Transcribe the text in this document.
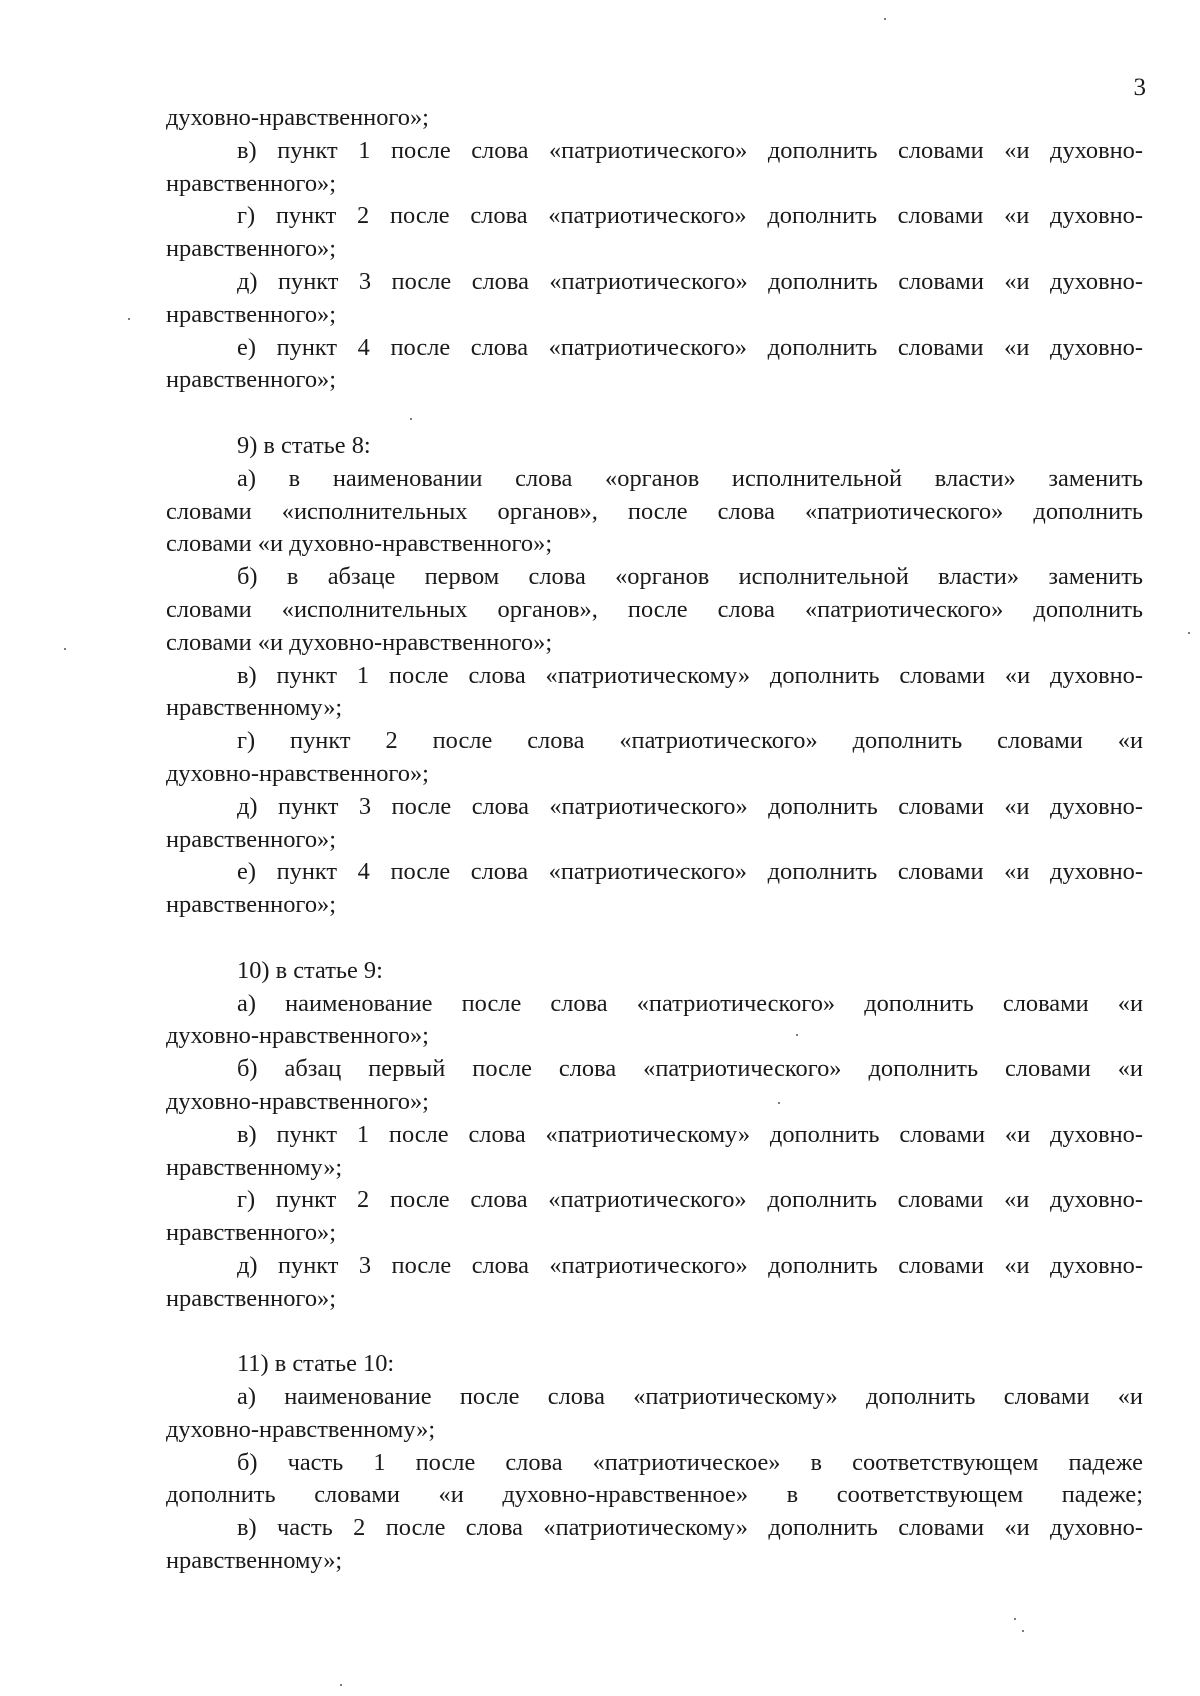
3
духовно-нравственного»;
в) пункт 1 после слова «патриотического» дополнить словами «и духовно-
нравственного»;
г) пункт 2 после слова «патриотического» дополнить словами «и духовно-
нравственного»;
д) пункт 3 после слова «патриотического» дополнить словами «и духовно-
нравственного»;
е) пункт 4 после слова «патриотического» дополнить словами «и духовно-
нравственного»;
9) в статье 8:
а) в наименовании слова «органов исполнительной власти» заменить
словами «исполнительных органов», после слова «патриотического» дополнить
словами «и духовно-нравственного»;
б) в абзаце первом слова «органов исполнительной власти» заменить
словами «исполнительных органов», после слова «патриотического» дополнить
словами «и духовно-нравственного»;
в) пункт 1 после слова «патриотическому» дополнить словами «и духовно-
нравственному»;
г) пункт 2 после слова «патриотического» дополнить словами «и
духовно-нравственного»;
д) пункт 3 после слова «патриотического» дополнить словами «и духовно-
нравственного»;
е) пункт 4 после слова «патриотического» дополнить словами «и духовно-
нравственного»;
10) в статье 9:
а) наименование после слова «патриотического» дополнить словами «и
духовно-нравственного»;
б) абзац первый после слова «патриотического» дополнить словами «и
духовно-нравственного»;
в) пункт 1 после слова «патриотическому» дополнить словами «и духовно-
нравственному»;
г) пункт 2 после слова «патриотического» дополнить словами «и духовно-
нравственного»;
д) пункт 3 после слова «патриотического» дополнить словами «и духовно-
нравственного»;
11) в статье 10:
а) наименование после слова «патриотическому» дополнить словами «и
духовно-нравственному»;
б) часть 1 после слова «патриотическое» в соответствующем падеже
дополнить словами «и духовно-нравственное» в соответствующем падеже;
в) часть 2 после слова «патриотическому» дополнить словами «и духовно-
нравственному»;
